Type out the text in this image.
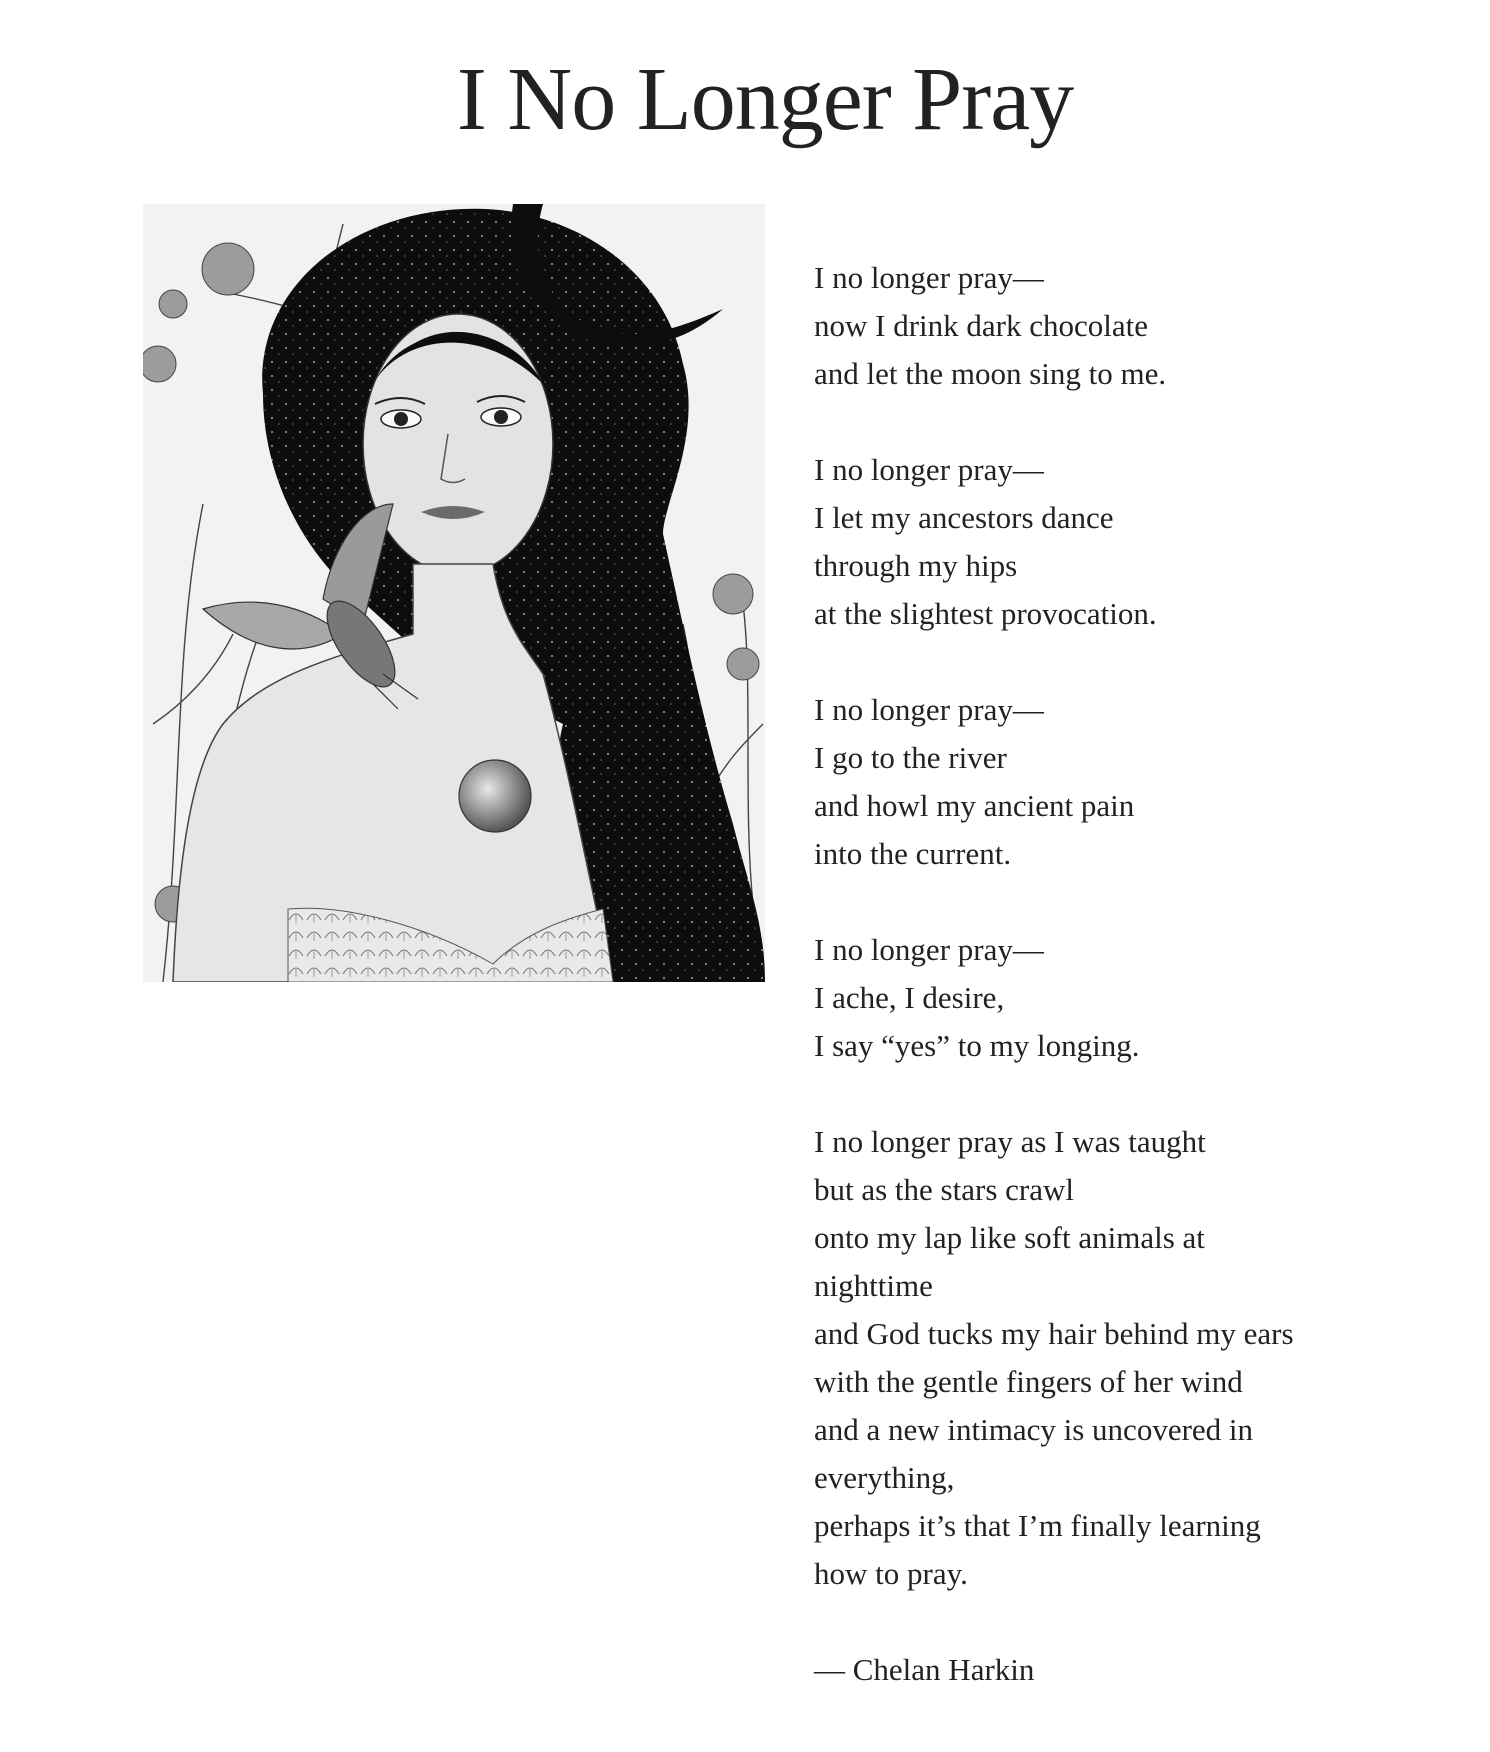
I No Longer Pray
I no longer pray—
now I drink dark chocolate
and let the moon sing to me.
I no longer pray—
I let my ancestors dance
through my hips
at the slightest provocation.
I no longer pray—
I go to the river
and howl my ancient pain
into the current.
I no longer pray—
I ache, I desire,
I say “yes” to my longing.
I no longer pray as I was taught
but as the stars crawl
onto my lap like soft animals at
nighttime
and God tucks my hair behind my ears
with the gentle fingers of her wind
and a new intimacy is uncovered in
everything,
perhaps it’s that I’m finally learning
how to pray.
— Chelan Harkin
